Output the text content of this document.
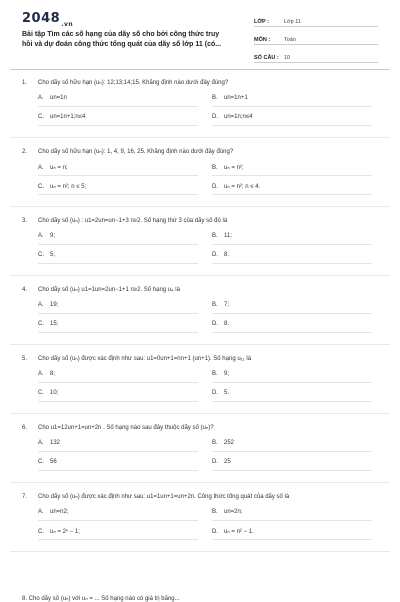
$2048_{.vn}$
Bài tập Tìm các số hạng của dãy số cho bởi công thức truy
hồi và dự đoán công thức tổng quát của dãy số lớp 11 (có...
LỚP :	Lớp 11
MÔN :	Toán
SỐ CÂU : 10
1. Cho dãy số hữu hạn (uₙ): 12;13;14;15. Khẳng định nào dưới đây đúng?
A. un=1n	B. un=1n+1
C. un=1n+1;n≤4	D. un=1n;n≤4
2. Cho dãy số hữu hạn (uₙ): 1, 4, 9, 16, 25. Khẳng định nào dưới đây đúng?
A. uₙ = n;	B. uₙ = n²;
C. uₙ = n²; n ≤ 5;	D. uₙ = n²; n ≤ 4.
3. Cho dãy số (uₙ) : u1=2un=un−1+3 n≥2. Số hạng thứ 3 của dãy số đó là
A. 9;	B. 11;
C. 5;	D. 8.
4. Cho dãy số (uₙ) u1=1un=2un−1+1 n≥2. Số hạng u₄ là
A. 19;	B. 7;
C. 15;	D. 8.
5. Cho dãy số (uₙ) được xác định như sau: u1=0un+1=nn+1 (un+1). Số hạng u₁₁ là
A. 8;	B. 9;
C. 10;	D. 5.
6. Cho u1=12un+1=un+2n . Số hạng nào sau đây thuộc dãy số (uₙ)?
A. 132	B. 252
C. 56	D. 25
7. Cho dãy số (uₙ) được xác định như sau: u1=1un+1=un+2n. Công thức tổng quát của dãy số là
A. un=n2;	B. un=2n;
C. uₙ = 2ⁿ − 1;	D. uₙ = n² − 1.
8. Cho dãy số (uₙ) với uₙ = ... Số hạng nào có giá trị bằng...
